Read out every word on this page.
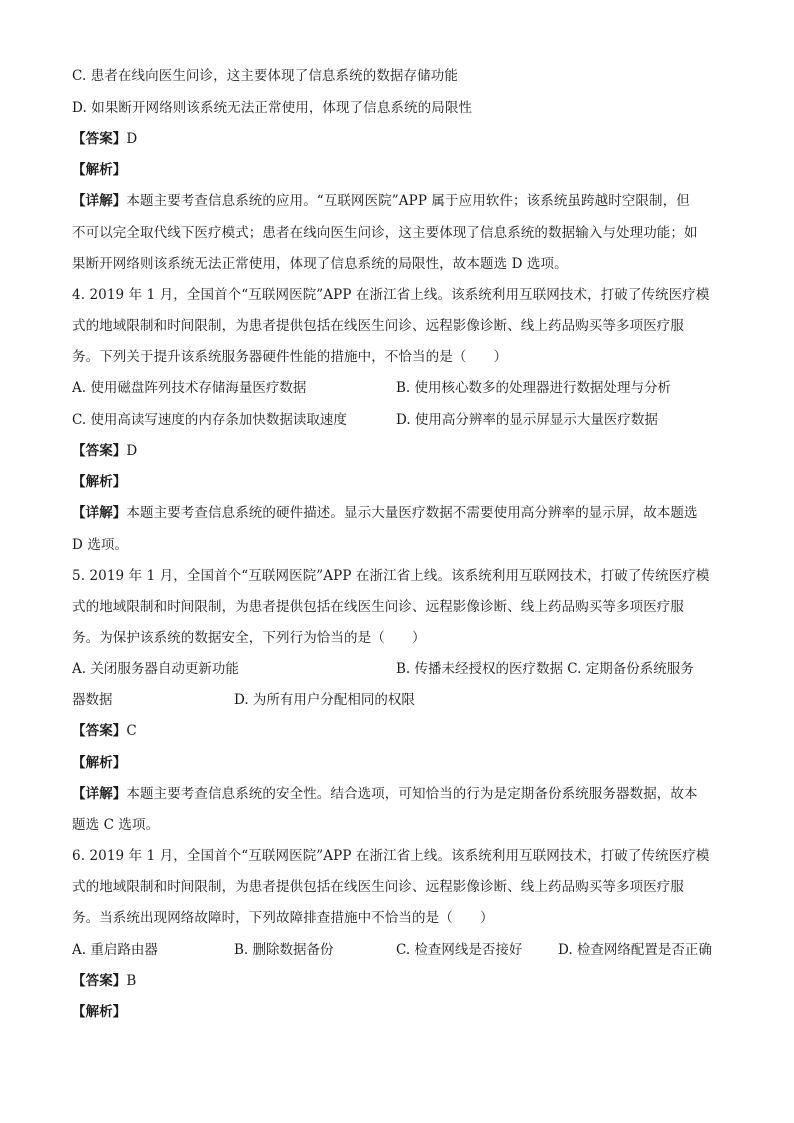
C. 患者在线向医生问诊，这主要体现了信息系统的数据存储功能
D. 如果断开网络则该系统无法正常使用，体现了信息系统的局限性
【答案】D
【解析】
【详解】本题主要考查信息系统的应用。“互联网医院”APP 属于应用软件；该系统虽跨越时空限制，但
不可以完全取代线下医疗模式；患者在线向医生问诊，这主要体现了信息系统的数据输入与处理功能；如
果断开网络则该系统无法正常使用，体现了信息系统的局限性，故本题选 D 选项。
4. 2019 年 1 月，全国首个“互联网医院”APP 在浙江省上线。该系统利用互联网技术，打破了传统医疗模
式的地域限制和时间限制，为患者提供包括在线医生问诊、远程影像诊断、线上药品购买等多项医疗服
务。下列关于提升该系统服务器硬件性能的措施中，不恰当的是（　　）
A. 使用磁盘阵列技术存储海量医疗数据	B. 使用核心数多的处理器进行数据处理与分析
C. 使用高读写速度的内存条加快数据读取速度	D. 使用高分辨率的显示屏显示大量医疗数据
【答案】D
【解析】
【详解】本题主要考查信息系统的硬件描述。显示大量医疗数据不需要使用高分辨率的显示屏，故本题选
D 选项。
5. 2019 年 1 月，全国首个“互联网医院”APP 在浙江省上线。该系统利用互联网技术，打破了传统医疗模
式的地域限制和时间限制，为患者提供包括在线医生问诊、远程影像诊断、线上药品购买等多项医疗服
务。为保护该系统的数据安全，下列行为恰当的是（　　）
A. 关闭服务器自动更新功能	B. 传播未经授权的医疗数据 C. 定期备份系统服务
器数据	D. 为所有用户分配相同的权限
【答案】C
【解析】
【详解】本题主要考查信息系统的安全性。结合选项，可知恰当的行为是定期备份系统服务器数据，故本
题选 C 选项。
6. 2019 年 1 月，全国首个“互联网医院”APP 在浙江省上线。该系统利用互联网技术，打破了传统医疗模
式的地域限制和时间限制，为患者提供包括在线医生问诊、远程影像诊断、线上药品购买等多项医疗服
务。当系统出现网络故障时，下列故障排查措施中不恰当的是（　　）
A. 重启路由器	B. 删除数据备份	C. 检查网线是否接好	D. 检查网络配置是否正确
【答案】B
【解析】
